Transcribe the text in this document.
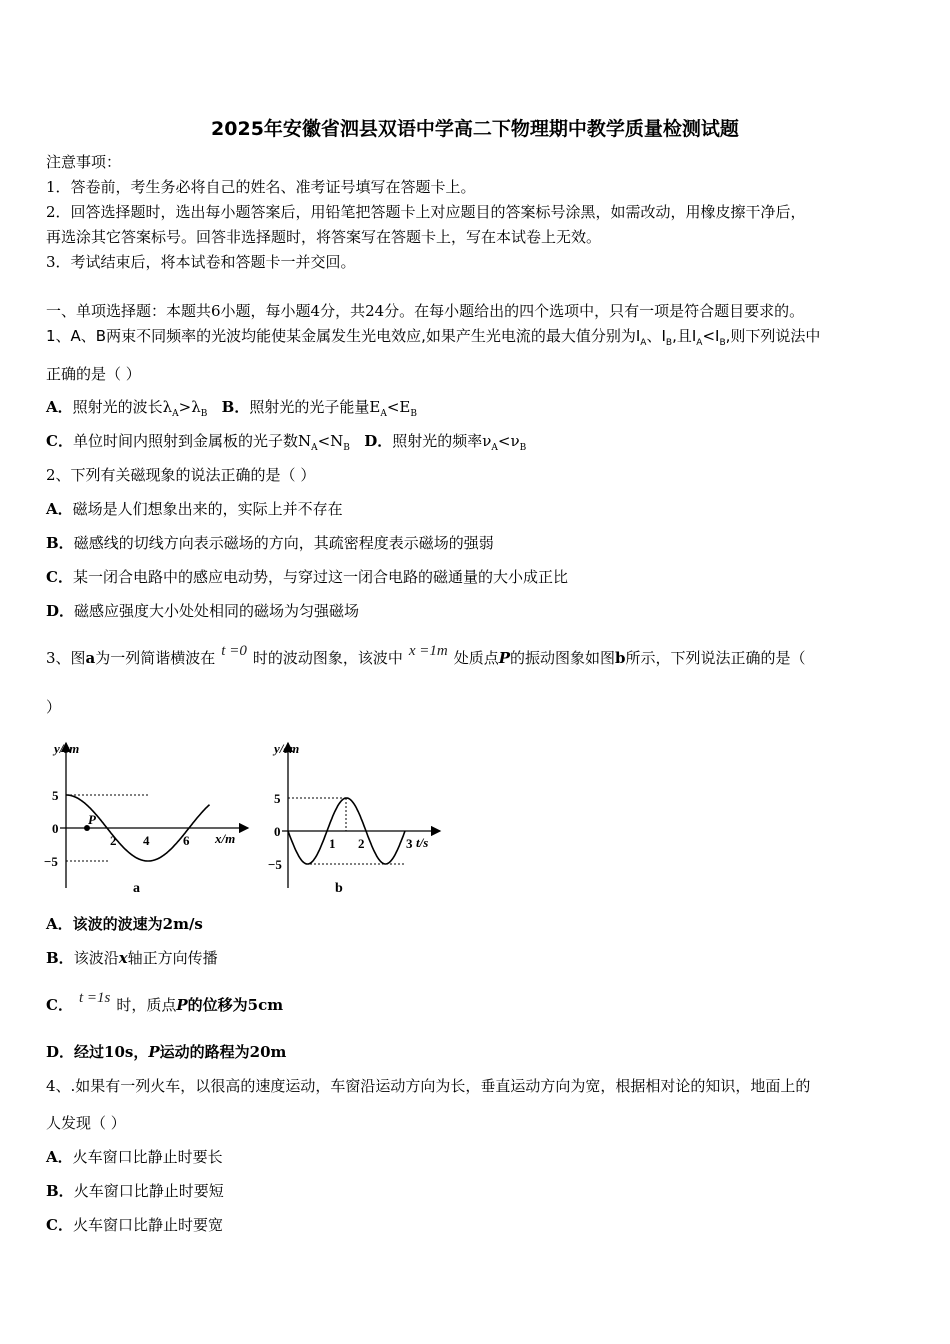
2025年安徽省泗县双语中学高二下物理期中教学质量检测试题
注意事项：
1．答卷前，考生务必将自己的姓名、准考证号填写在答题卡上。
2．回答选择题时，选出每小题答案后，用铅笔把答题卡上对应题目的答案标号涂黑，如需改动，用橡皮擦干净后，
再选涂其它答案标号。回答非选择题时，将答案写在答题卡上，写在本试卷上无效。
3．考试结束后，将本试卷和答题卡一并交回。
一、单项选择题：本题共6小题，每小题4分，共24分。在每小题给出的四个选项中，只有一项是符合题目要求的。
1、A、B两束不同频率的光波均能使某金属发生光电效应,如果产生光电流的最大值分别为$I_A$、$I_B$,且$I_A<I_B$,则下列说法中
正确的是（ ）
A．照射光的波长$\lambda_A>\lambda_B$ B．照射光的光子能量$E_A<E_B$
C．单位时间内照射到金属板的光子数$N_A<N_B$ D．照射光的频率$\nu_A<\nu_B$
2、下列有关磁现象的说法正确的是（ ）
A．磁场是人们想象出来的，实际上并不存在
B．磁感线的切线方向表示磁场的方向，其疏密程度表示磁场的强弱
C．某一闭合电路中的感应电动势，与穿过这一闭合电路的磁通量的大小成正比
D．磁感应强度大小处处相同的磁场为匀强磁场
3、图a为一列简谐横波在 t =0 时的波动图象，该波中 x =1m 处质点P的振动图象如图b所示，下列说法正确的是（
）
P
y/cm
x/m
5
0
−5
2 4	6
a
y/cm
t/s
5
0
−5
1 2	3
b
A．该波的波速为2m/s
B．该波沿x轴正方向传播
C． t =1s 时，质点P的位移为5cm
D．经过10s，P运动的路程为20m
4、.如果有一列火车，以很高的速度运动，车窗沿运动方向为长，垂直运动方向为宽，根据相对论的知识，地面上的
人发现（ ）
A．火车窗口比静止时要长
B．火车窗口比静止时要短
C．火车窗口比静止时要宽
